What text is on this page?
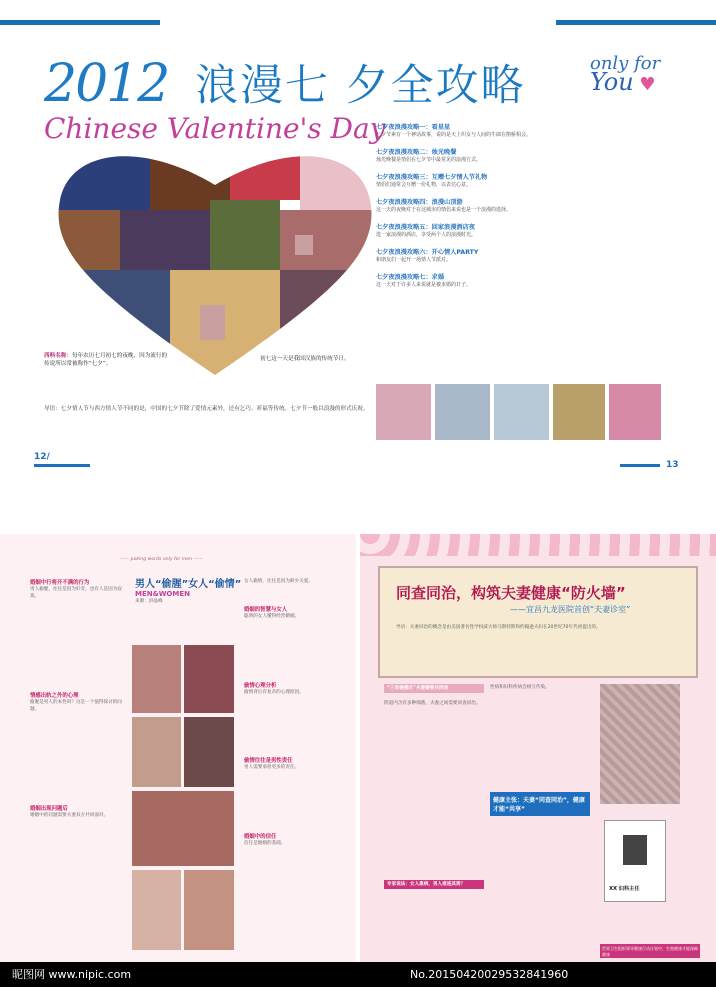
2012 浪漫七 夕全攻略
Chinese Valentine's Day
only for
You ♥
西料名称：每年农历七月初七的夜晚，因为流行的传说所以常被称作“七夕”。
初七这一天是我国汉族的传统节日。
导语：七夕情人节与西方情人节不同的是，中国的七夕节除了爱情元素外，还有乞巧、祈福等传统。七夕节一般以浪漫的形式庆祝。
七夕夜浪漫攻略一：看星星
七夕节素有一个神话故事，说的是天上织女与人间的牛郎在鹊桥相会。
七夕夜浪漫攻略二：烛光晚餐
烛光晚餐是情侣在七夕节中最常见的浪漫方式。
七夕夜浪漫攻略三：互赠七夕情人节礼物
情侣们通常会互赠一份礼物，以表达心意。
七夕夜浪漫攻略四：浪漫山顶游
这一天的夜晚对于在这城市的情侣来说也是一个浪漫的选择。
七夕夜浪漫攻略五：回家浪漫酒店夜
选一家浪漫的酒店，享受两个人的浪漫时光。
七夕夜浪漫攻略六：开心情人PARTY
和朋友们一起开一场情人节派对。
七夕夜浪漫攻略七：求婚
这一天对于许多人来说就是被求婚的日子。
12/
13
—— poking words only for men ——
婚姻中行将开不满的行为
男人偷腥，往往是因为好奇，也有人是因为寂寞。
情感出轨之外的心理
偷腥是男人的本性吗？这是一个值得探讨的问题。
婚姻出现问题后
婚姻中的问题需要夫妻双方共同面对。
男人“偷腥”女人“偷情”
MEN&WOMEN
来源：洪晶峰
女人偷情，往往是因为缺少关爱。
婚姻的智慧与女人
聪明的女人懂得经营婚姻。
偷情心理分析
偷情背后有复杂的心理原因。
偷情往往是男性责任
男人需要承担更多的责任。
婚姻中的信任
信任是婚姻的基础。
同查同治，构筑夫妻健康“防火墙”
——宜昌九龙医院首创“夫妻诊室”
导语：夫妻同治的概念是由美国著名性学权威大师马斯特斯和约翰逊夫妇在20世纪70年代初提出的。
“三角链感区”夫妻需要共同治
阴道内含有多种细菌，夫妻之间需要同查同治。
专家说法：女人患病，男人难逃其责？
性病和妇科疾病会相互传染。
健康主张：夫妻“同查同治”，健康才能“共享”
XX 妇科主任
世界卫生组织领导健康行动计划中，生殖健康才能保障健康
昵图网 www.nipic.com	No.20150420029532841960
